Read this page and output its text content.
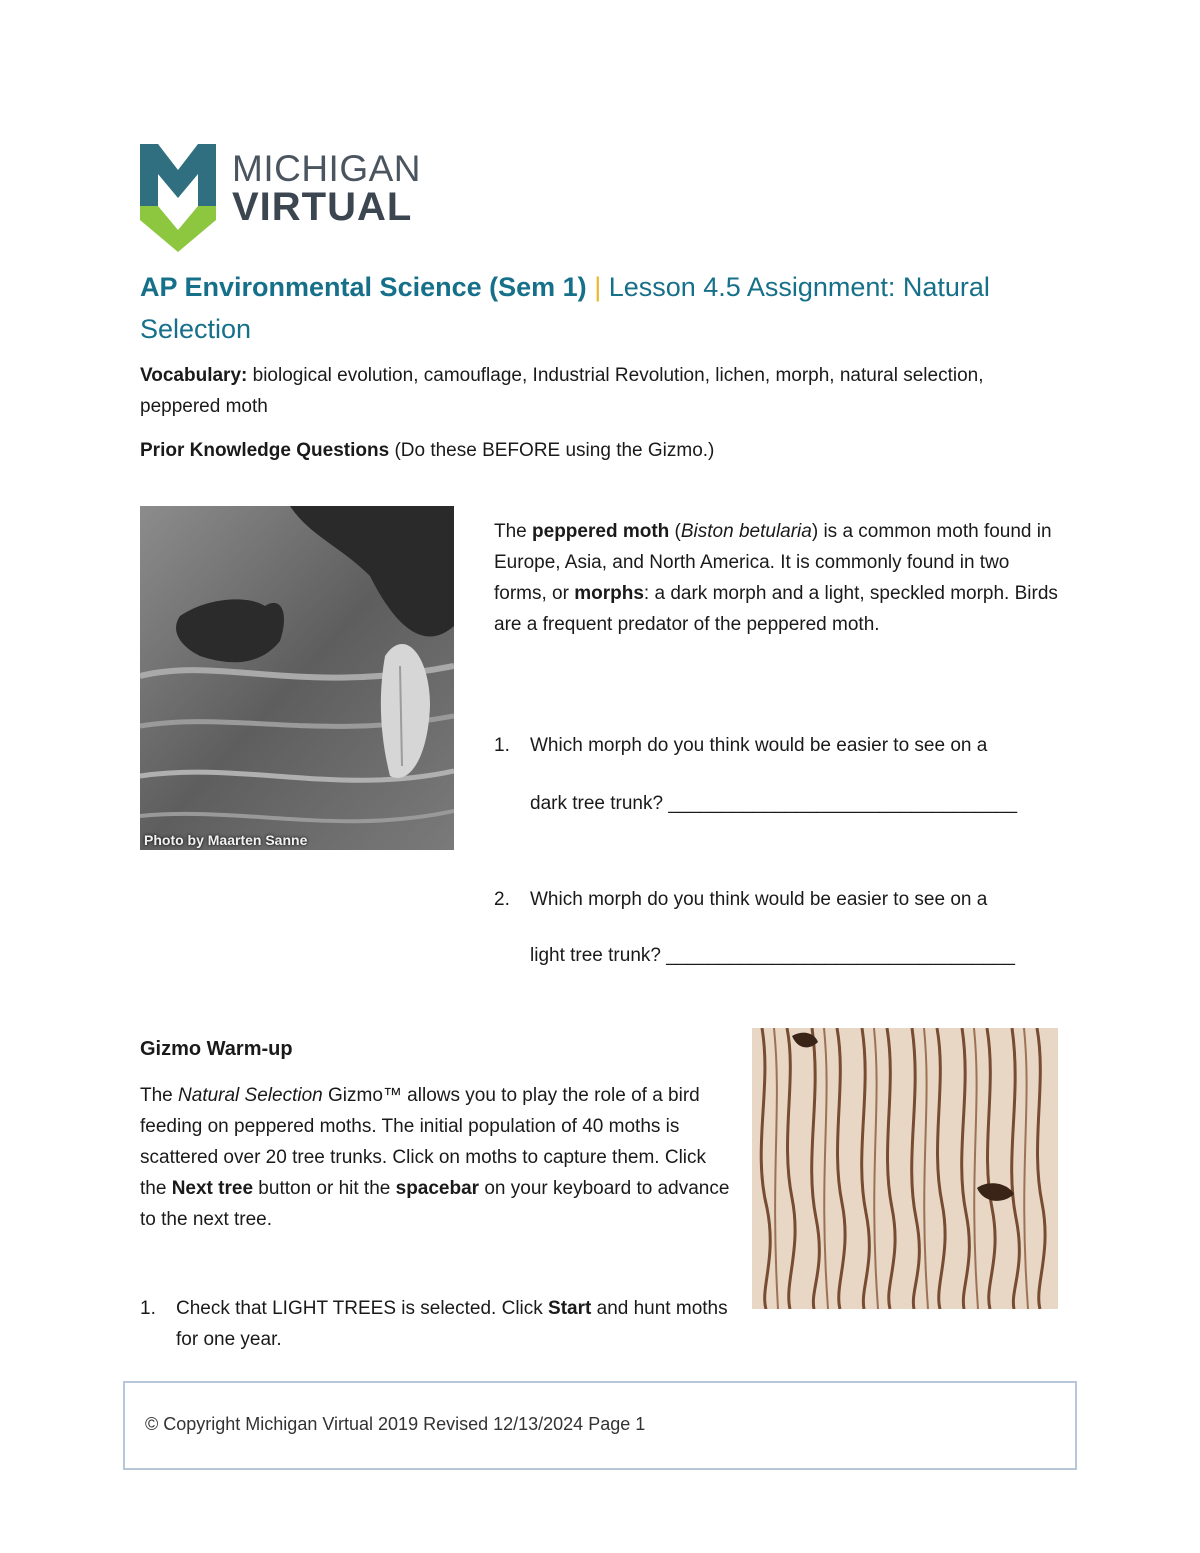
MICHIGAN
VIRTUAL
AP Environmental Science (Sem 1) | Lesson 4.5 Assignment: Natural Selection
Vocabulary: biological evolution, camouflage, Industrial Revolution, lichen, morph, natural selection, peppered moth
Prior Knowledge Questions (Do these BEFORE using the Gizmo.)
Photo by Maarten Sanne
The peppered moth (Biston betularia) is a common moth found in Europe, Asia, and North America. It is commonly found in two forms, or morphs: a dark morph and a light, speckled morph. Birds are a frequent predator of the peppered moth.
1. Which morph do you think would be easier to see on a
dark tree trunk? _________________________________
2. Which morph do you think would be easier to see on a
light tree trunk? _________________________________
Gizmo Warm-up
The Natural Selection Gizmo™ allows you to play the role of a bird feeding on peppered moths. The initial population of 40 moths is scattered over 20 tree trunks. Click on moths to capture them. Click the Next tree button or hit the spacebar on your keyboard to advance to the next tree.
1. Check that LIGHT TREES is selected. Click Start and hunt moths for one year.
© Copyright Michigan Virtual 2019 Revised 12/13/2024 Page 1
